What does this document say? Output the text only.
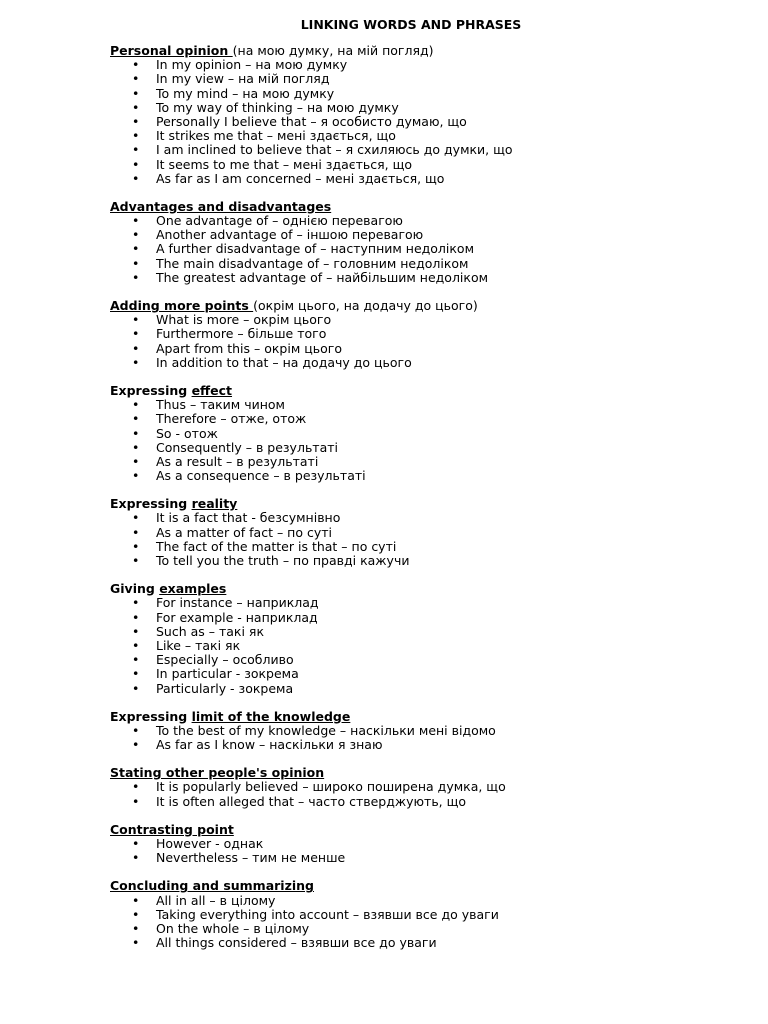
LINKING WORDS AND PHRASES
Personal opinion (на мою думку, на мій погляд)
• In my opinion – на мою думку
• In my view – на мій погляд
• To my mind – на мою думку
• To my way of thinking – на мою думку
• Personally I believe that – я особисто думаю, що
• It strikes me that – мені здається, що
• I am inclined to believe that – я схиляюсь до думки, що
• It seems to me that – мені здається, що
• As far as I am concerned – мені здається, що
Advantages and disadvantages
• One advantage of – однією перевагою
• Another advantage of – іншою перевагою
• A further disadvantage of – наступним недоліком
• The main disadvantage of – головним недоліком
• The greatest advantage of – найбільшим недоліком
Adding more points (окрім цього, на додачу до цього)
• What is more – окрім цього
• Furthermore – більше того
• Apart from this – окрім цього
• In addition to that – на додачу до цього
Expressing effect
• Thus – таким чином
• Therefore – отже, отож
• So - отож
• Consequently – в результаті
• As a result – в результаті
• As a consequence – в результаті
Expressing reality
• It is a fact that - безсумнівно
• As a matter of fact – по суті
• The fact of the matter is that – по суті
• To tell you the truth – по правді кажучи
Giving examples
• For instance – наприклад
• For example - наприклад
• Such as – такі як
• Like – такі як
• Especially – особливо
• In particular - зокрема
• Particularly - зокрема
Expressing limit of the knowledge
• To the best of my knowledge – наскільки мені відомо
• As far as I know – наскільки я знаю
Stating other people's opinion
• It is popularly believed – широко поширена думка, що
• It is often alleged that – часто стверджують, що
Contrasting point
• However - однак
• Nevertheless – тим не менше
Concluding and summarizing
• All in all – в цілому
• Taking everything into account – взявши все до уваги
• On the whole – в цілому
• All things considered – взявши все до уваги
